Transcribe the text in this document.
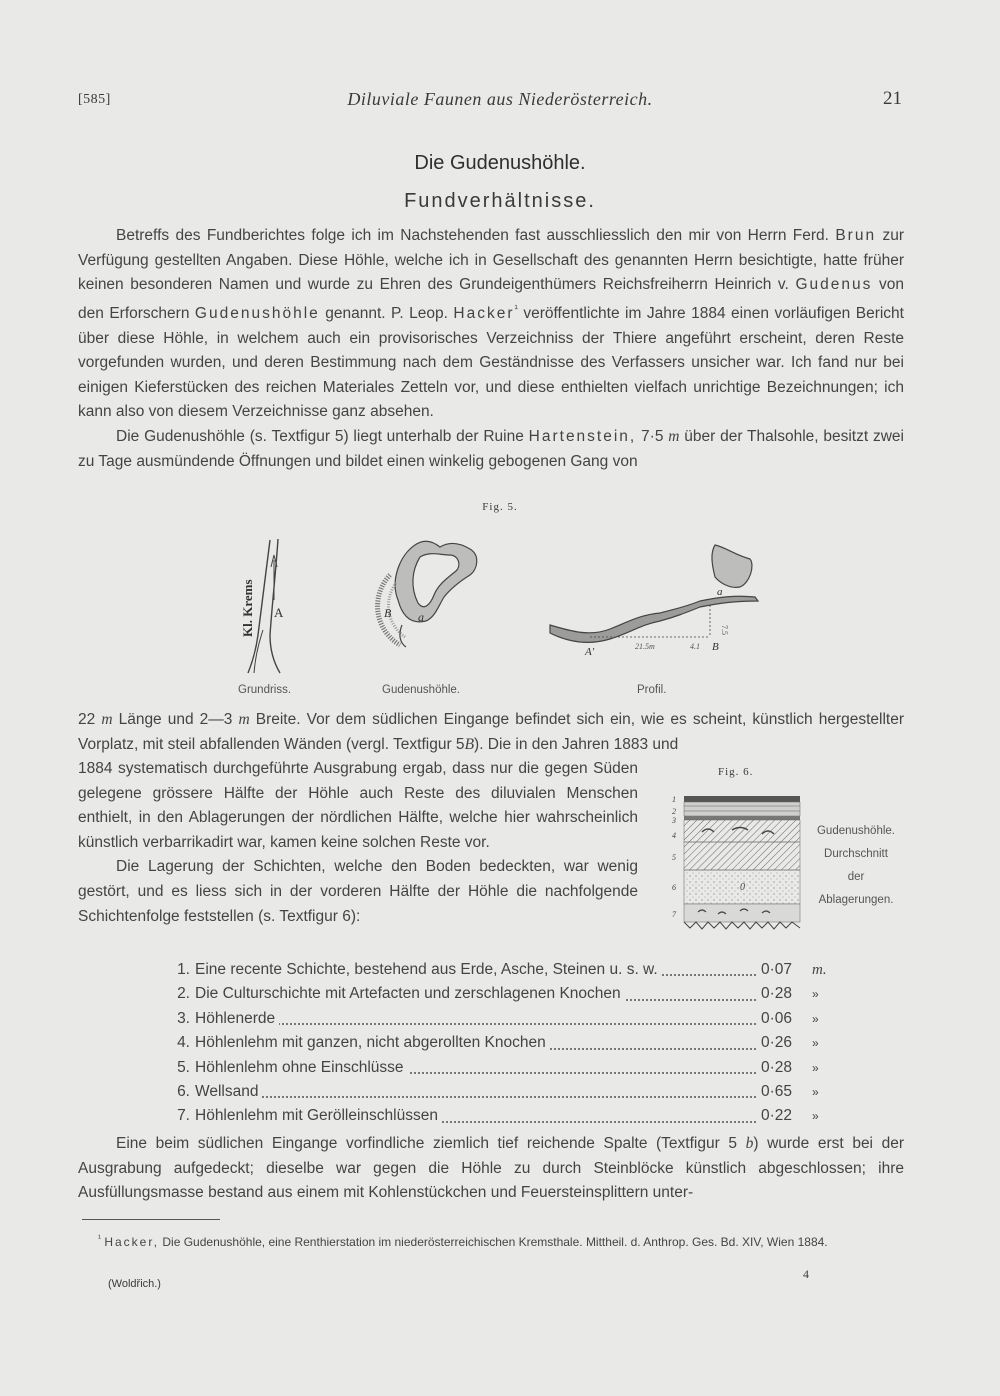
[585]	Diluviale Faunen aus Niederösterreich.	21
Die Gudenushöhle.
Fundverhältnisse.
Betreffs des Fundberichtes folge ich im Nachstehenden fast ausschliesslich den mir von Herrn Ferd. Brun zur Verfügung gestellten Angaben. Diese Höhle, welche ich in Gesellschaft des genannten Herrn besichtigte, hatte früher keinen besonderen Namen und wurde zu Ehren des Grundeigenthümers Reichsfreiherrn Heinrich v. Gudenus von den Erforschern Gudenushöhle genannt. P. Leop. Hacker$^{^1}$ veröffentlichte im Jahre 1884 einen vorläufigen Bericht über diese Höhle, in welchem auch ein provisorisches Verzeichniss der Thiere angeführt erscheint, deren Reste vorgefunden wurden, und deren Bestimmung nach dem Geständnisse des Verfassers unsicher war. Ich fand nur bei einigen Kieferstücken des reichen Materiales Zetteln vor, und diese enthielten vielfach unrichtige Bezeichnungen; ich kann also von diesem Verzeichnisse ganz absehen.
Die Gudenushöhle (s. Textfigur 5) liegt unterhalb der Ruine Hartenstein, 7·5 m über der Thalsohle, besitzt zwei zu Tage ausmündende Öffnungen und bildet einen winkelig gebogenen Gang von
Fig. 5.
Kl. Krems A	B a
A'	21.5m	4.1 B
7.5
a
Grundriss.	Gudenushöhle.	Profil.
22 m Länge und 2—3 m Breite. Vor dem südlichen Eingange befindet sich ein, wie es scheint, künstlich hergestellter Vorplatz, mit steil abfallenden Wänden (vergl. Textfigur 5B). Die in den Jahren 1883 und
1884 systematisch durchgeführte Ausgrabung ergab, dass nur die gegen Süden gelegene grössere Hälfte der Höhle auch Reste des diluvialen Menschen enthielt, in den Ablagerungen der nördlichen Hälfte, welche hier wahrscheinlich künstlich verbarrikadirt war, kamen keine solchen Reste vor.
Die Lagerung der Schichten, welche den Boden bedeckten, war wenig gestört, und es liess sich in der vorderen Hälfte der Höhle die nachfolgende Schichtenfolge feststellen (s. Textfigur 6):
Fig. 6.
1
2
3
4
5
6
7
0
Gudenushöhle.
Durchschnitt
der
Ablagerungen.
1. Eine recente Schichte, bestehend aus Erde, Asche, Steinen u. s. w.	0·07 m.
2. Die Culturschichte mit Artefacten und zerschlagenen Knochen	0·28 »
3. Höhlenerde	0·06 »
4. Höhlenlehm mit ganzen, nicht abgerollten Knochen	0·26 »
5. Höhlenlehm ohne Einschlüsse	0·28 »
6. Wellsand	0·65 »
7. Höhlenlehm mit Gerölleinschlüssen	0·22 »
Eine beim südlichen Eingange vorfindliche ziemlich tief reichende Spalte (Textfigur 5 b) wurde erst bei der Ausgrabung aufgedeckt; dieselbe war gegen die Höhle zu durch Steinblöcke künstlich abgeschlossen; ihre Ausfüllungsmasse bestand aus einem mit Kohlenstückchen und Feuersteinsplittern unter-
$^{^1}$ Hacker, Die Gudenushöhle, eine Renthierstation im niederösterreichischen Kremsthale. Mittheil. d. Anthrop. Ges. Bd. XIV, Wien 1884.
(Woldřich.)
4
